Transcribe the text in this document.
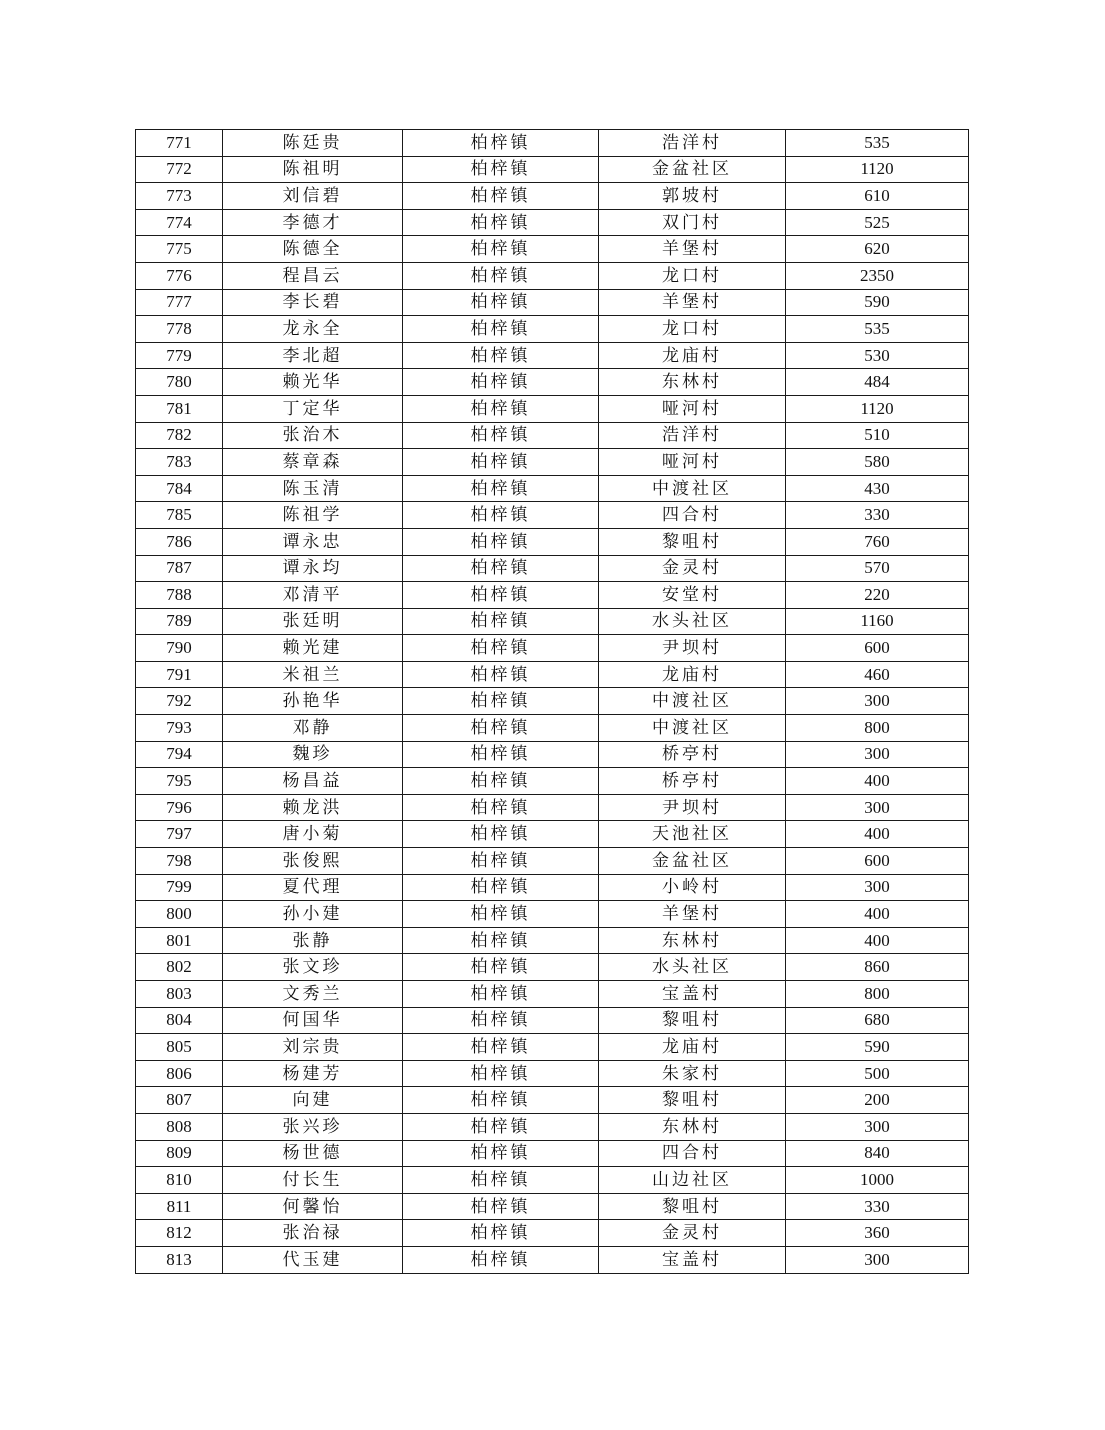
771	陈廷贵	柏梓镇	浩洋村	535
772	陈祖明	柏梓镇	金盆社区	1120
773	刘信碧	柏梓镇	郭坡村	610
774	李德才	柏梓镇	双门村	525
775	陈德全	柏梓镇	羊堡村	620
776	程昌云	柏梓镇	龙口村	2350
777	李长碧	柏梓镇	羊堡村	590
778	龙永全	柏梓镇	龙口村	535
779	李北超	柏梓镇	龙庙村	530
780	赖光华	柏梓镇	东林村	484
781	丁定华	柏梓镇	哑河村	1120
782	张治木	柏梓镇	浩洋村	510
783	蔡章森	柏梓镇	哑河村	580
784	陈玉清	柏梓镇	中渡社区	430
785	陈祖学	柏梓镇	四合村	330
786	谭永忠	柏梓镇	黎咀村	760
787	谭永均	柏梓镇	金灵村	570
788	邓清平	柏梓镇	安堂村	220
789	张廷明	柏梓镇	水头社区	1160
790	赖光建	柏梓镇	尹坝村	600
791	米祖兰	柏梓镇	龙庙村	460
792	孙艳华	柏梓镇	中渡社区	300
793	邓静	柏梓镇	中渡社区	800
794	魏珍	柏梓镇	桥亭村	300
795	杨昌益	柏梓镇	桥亭村	400
796	赖龙洪	柏梓镇	尹坝村	300
797	唐小菊	柏梓镇	天池社区	400
798	张俊熙	柏梓镇	金盆社区	600
799	夏代理	柏梓镇	小岭村	300
800	孙小建	柏梓镇	羊堡村	400
801	张静	柏梓镇	东林村	400
802	张文珍	柏梓镇	水头社区	860
803	文秀兰	柏梓镇	宝盖村	800
804	何国华	柏梓镇	黎咀村	680
805	刘宗贵	柏梓镇	龙庙村	590
806	杨建芳	柏梓镇	朱家村	500
807	向建	柏梓镇	黎咀村	200
808	张兴珍	柏梓镇	东林村	300
809	杨世德	柏梓镇	四合村	840
810	付长生	柏梓镇	山边社区	1000
811	何馨怡	柏梓镇	黎咀村	330
812	张治禄	柏梓镇	金灵村	360
813	代玉建	柏梓镇	宝盖村	300
